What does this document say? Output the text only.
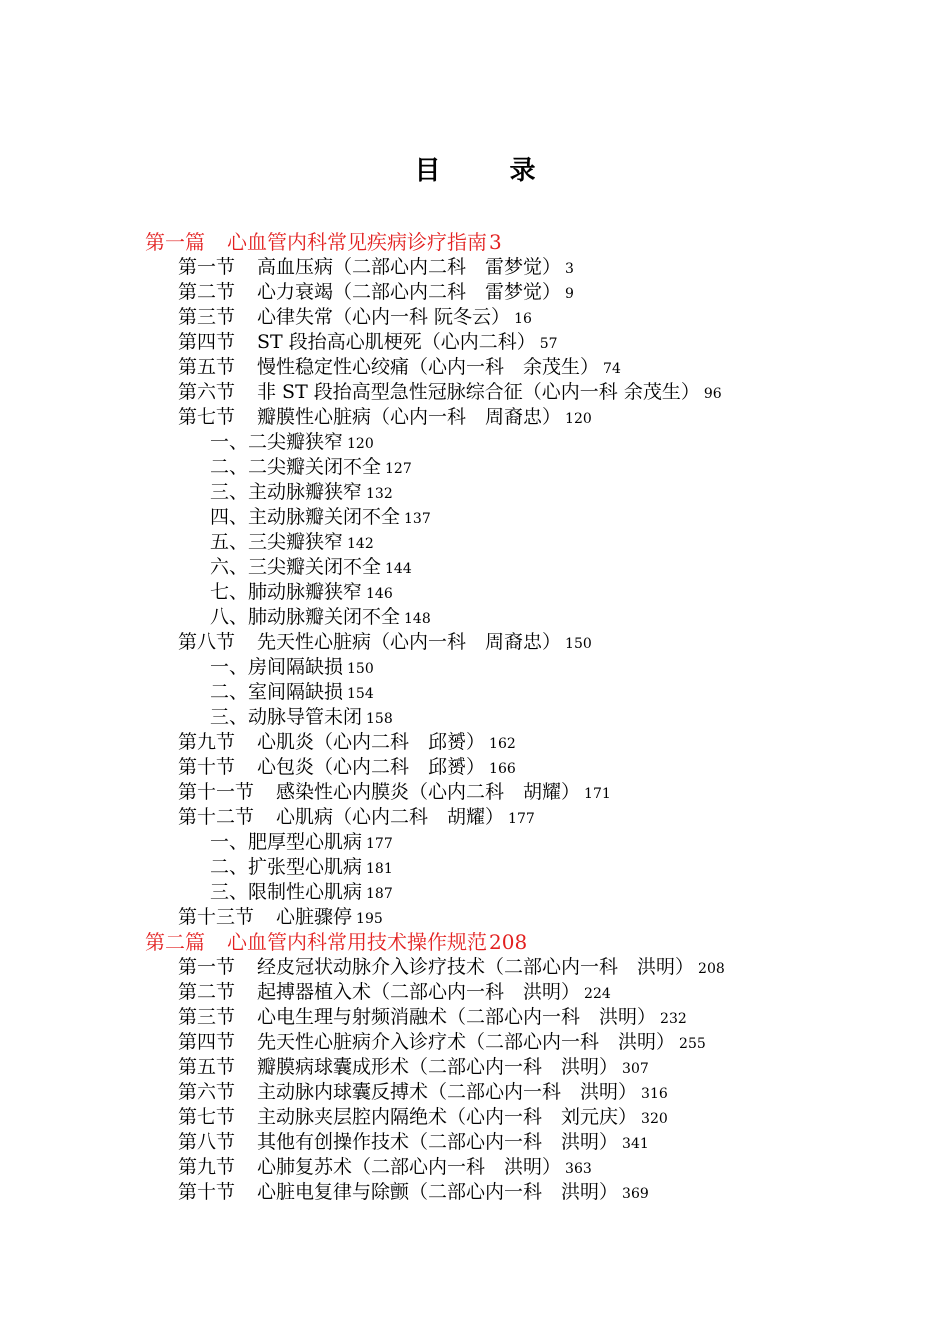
目 录
第一篇 心血管内科常见疾病诊疗指南 3
第一节 高血压病（二部心内二科　雷梦觉） 3
第二节 心力衰竭（二部心内二科　雷梦觉） 9
第三节 心律失常（心内一科 阮冬云） 16
第四节 ST 段抬高心肌梗死（心内二科） 57
第五节 慢性稳定性心绞痛（心内一科　余茂生） 74
第六节 非 ST 段抬高型急性冠脉综合征（心内一科 余茂生） 96
第七节 瓣膜性心脏病（心内一科　周裔忠） 120
一、二尖瓣狭窄 120
二、二尖瓣关闭不全 127
三、主动脉瓣狭窄 132
四、主动脉瓣关闭不全 137
五、三尖瓣狭窄 142
六、三尖瓣关闭不全 144
七、肺动脉瓣狭窄 146
八、肺动脉瓣关闭不全 148
第八节 先天性心脏病（心内一科　周裔忠） 150
一、房间隔缺损 150
二、室间隔缺损 154
三、动脉导管未闭 158
第九节 心肌炎（心内二科　邱赟） 162
第十节 心包炎（心内二科　邱赟） 166
第十一节 感染性心内膜炎（心内二科　胡耀） 171
第十二节 心肌病（心内二科　胡耀） 177
一、肥厚型心肌病 177
二、扩张型心肌病 181
三、限制性心肌病 187
第十三节 心脏骤停 195
第二篇 心血管内科常用技术操作规范 208
第一节 经皮冠状动脉介入诊疗技术（二部心内一科　洪明） 208
第二节 起搏器植入术（二部心内一科　洪明） 224
第三节 心电生理与射频消融术（二部心内一科　洪明） 232
第四节 先天性心脏病介入诊疗术（二部心内一科　洪明） 255
第五节 瓣膜病球囊成形术（二部心内一科　洪明） 307
第六节 主动脉内球囊反搏术（二部心内一科　洪明） 316
第七节 主动脉夹层腔内隔绝术（心内一科　刘元庆） 320
第八节 其他有创操作技术（二部心内一科　洪明） 341
第九节 心肺复苏术（二部心内一科　洪明） 363
第十节 心脏电复律与除颤（二部心内一科　洪明） 369
